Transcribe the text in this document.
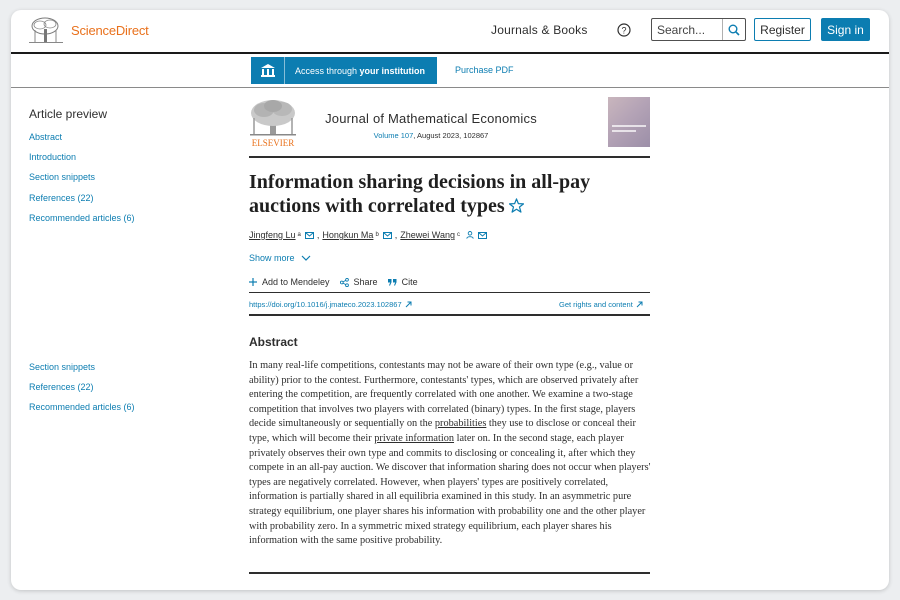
ScienceDirect	Journals & Books	?
Search...	Register	Sign in
Access through your institution	Purchase PDF
Article preview
Abstract
Introduction
Section snippets
References (22)
Recommended articles (6)
Section snippets
References (22)
Recommended articles (6)
ELSEVIER
Journal of Mathematical Economics
Volume 107, August 2023, 102867
Information sharing decisions in all-pay auctions with correlated types
Jingfeng Lu a , Hongkun Ma b , Zhewei Wang c
Show more
Add to Mendeley	Share	Cite
https://doi.org/10.1016/j.jmateco.2023.102867	Get rights and content
Abstract

In many real-life competitions, contestants may not be aware of their own type (e.g., value or ability) prior to the contest. Furthermore, contestants' types, which are observed privately after entering the competition, are frequently correlated with one another. We examine a two-stage competition that involves two players with correlated (binary) types. In the first stage, players decide simultaneously or sequentially on the probabilities they use to disclose or conceal their type, which will become their private information later on. In the second stage, each player privately observes their own type and commits to disclosing or concealing it, after which they compete in an all-pay auction. We discover that information sharing does not occur when players' types are negatively correlated. However, when players' types are positively correlated, information is partially shared in all equilibria examined in this study. In an asymmetric pure strategy equilibrium, one player shares his information with probability one and the other player with probability zero. In a symmetric mixed strategy equilibrium, each player shares his information with the same positive probability.
